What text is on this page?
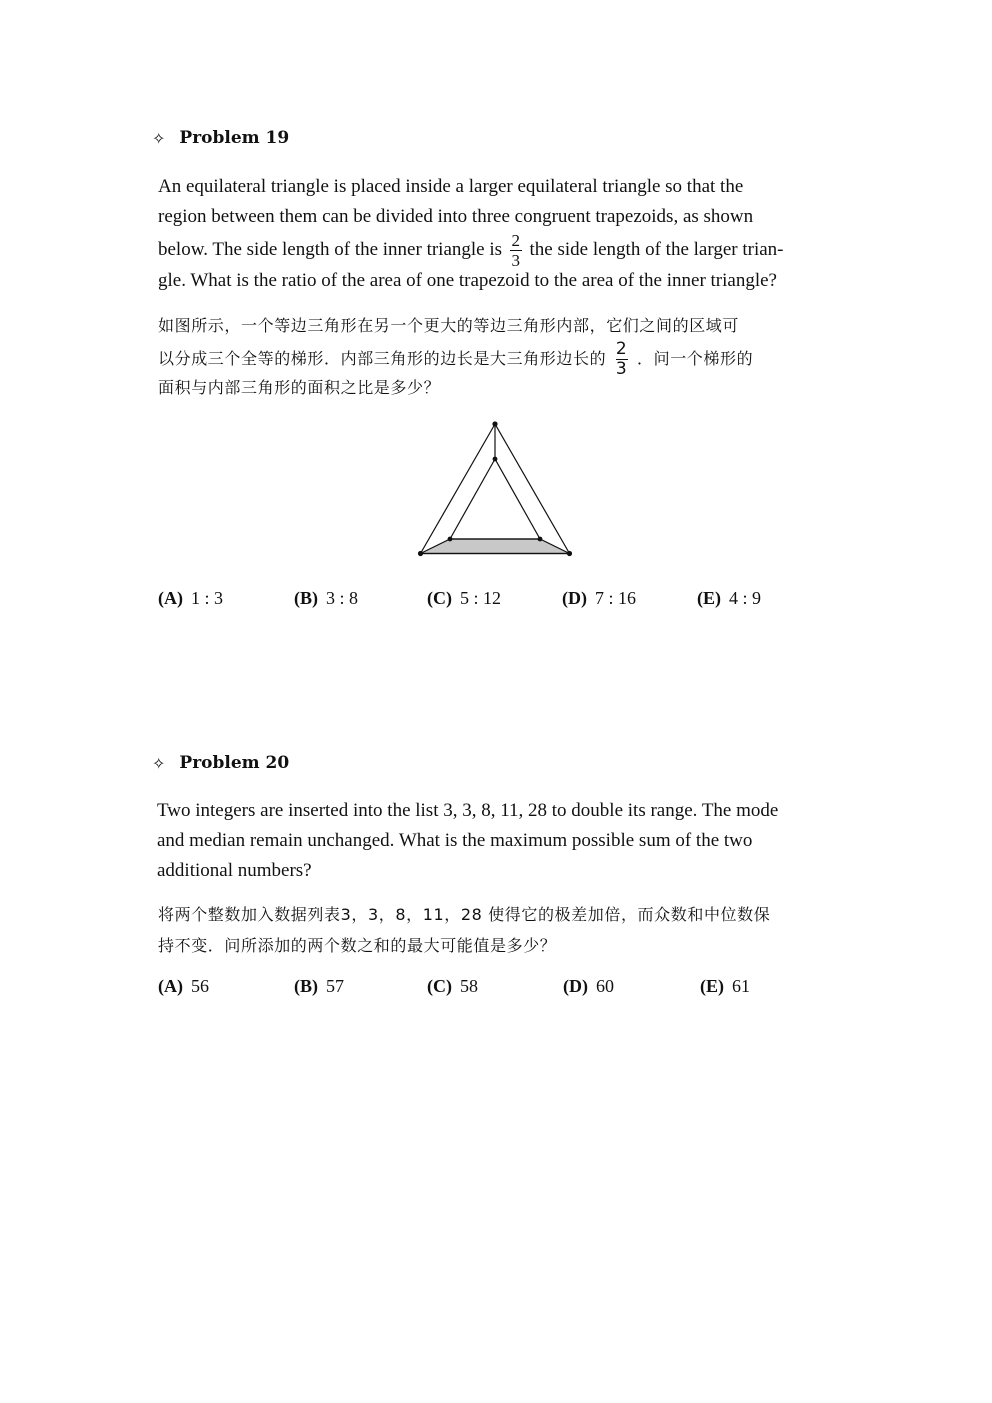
✧ Problem 19
An equilateral triangle is placed inside a larger equilateral triangle so that the
region between them can be divided into three congruent trapezoids, as shown
below. The side length of the inner triangle is $\frac{2}{3}$ the side length of the larger trian-
gle. What is the ratio of the area of one trapezoid to the area of the inner triangle?
如图所示，一个等边三角形在另一个更大的等边三角形内部，它们之间的区域可
以分成三个全等的梯形．内部三角形的边长是大三角形边长的 $\frac{2}{3}$ ．问一个梯形的
面积与内部三角形的面积之比是多少？
(A) 1 : 3	(B) 3 : 8	(C) 5 : 12	(D) 7 : 16	(E) 4 : 9
✧ Problem 20
Two integers are inserted into the list 3, 3, 8, 11, 28 to double its range. The mode
and median remain unchanged. What is the maximum possible sum of the two
additional numbers?
将两个整数加入数据列表3，3，8，11，28 使得它的极差加倍，而众数和中位数保
持不变．问所添加的两个数之和的最大可能值是多少？
(A) 56	(B) 57	(C) 58	(D) 60	(E) 61
